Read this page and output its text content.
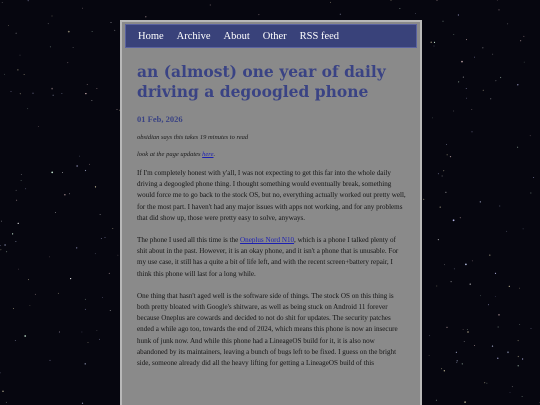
Home Archive About Other RSS feed
an (almost) one year of daily driving a degoogled phone
01 Feb, 2026
obsidian says this takes 19 minutes to read
look at the page updates here.

If I'm completely honest with y'all, I was not expecting to get this far into the whole daily driving a degoogled phone thing. I thought something would eventually break, something would force me to go back to the stock OS, but no, everything actually worked out pretty well, for the most part. I haven't had any major issues with apps not working, and for any problems that did show up, those were pretty easy to solve, anyways.

The phone I used all this time is the Oneplus Nord N10, which is a phone I talked plenty of shit about in the past. However, it is an okay phone, and it isn't a phone that is unusable. For my use case, it still has a quite a bit of life left, and with the recent screen+battery repair, I think this phone will last for a long while.

One thing that hasn't aged well is the software side of things. The stock OS on this thing is both pretty bloated with Google's shitware, as well as being stuck on Android 11 forever because Oneplus are cowards and decided to not do shit for updates. The security patches ended a while ago too, towards the end of 2024, which means this phone is now an insecure hunk of junk now. And while this phone had a LineageOS build for it, it is also now abandoned by its maintainers, leaving a bunch of bugs left to be fixed. I guess on the bright side, someone already did all the heavy lifting for getting a LineageOS build of this
